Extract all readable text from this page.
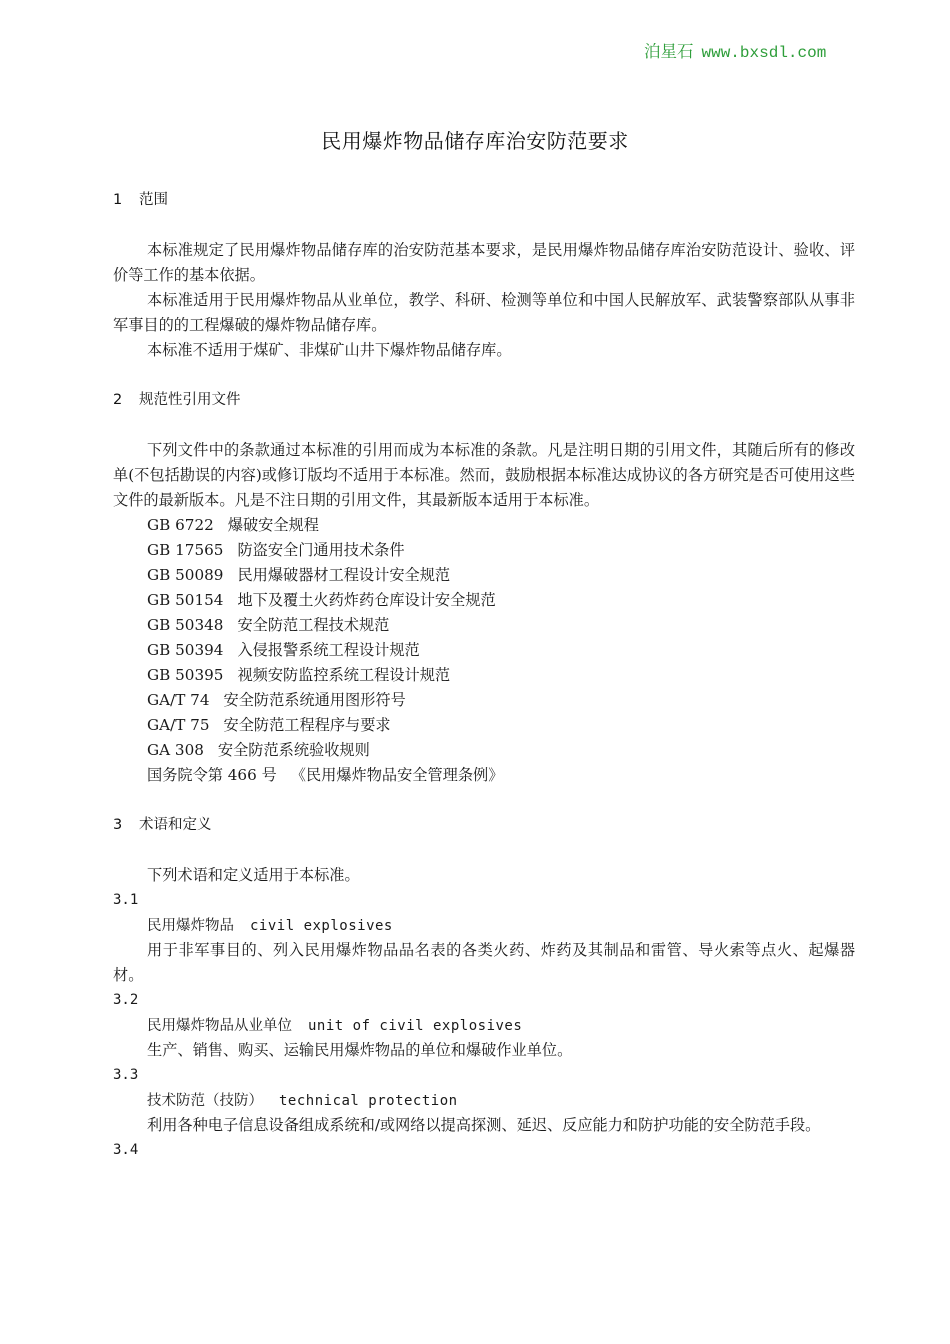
泊星石 www.bxsdl.com
民用爆炸物品储存库治安防范要求
1 范围

本标准规定了民用爆炸物品储存库的治安防范基本要求，是民用爆炸物品储存库治安防范设计、验收、评价等工作的基本依据。

本标准适用于民用爆炸物品从业单位，教学、科研、检测等单位和中国人民解放军、武装警察部队从事非军事目的的工程爆破的爆炸物品储存库。

本标准不适用于煤矿、非煤矿山井下爆炸物品储存库。

2 规范性引用文件

下列文件中的条款通过本标准的引用而成为本标准的条款。凡是注明日期的引用文件，其随后所有的修改单(不包括勘误的内容)或修订版均不适用于本标准。然而，鼓励根据本标准达成协议的各方研究是否可使用这些文件的最新版本。凡是不注日期的引用文件，其最新版本适用于本标准。

GB 6722 爆破安全规程

GB 17565 防盗安全门通用技术条件

GB 50089 民用爆破器材工程设计安全规范

GB 50154 地下及覆土火药炸药仓库设计安全规范

GB 50348 安全防范工程技术规范

GB 50394 入侵报警系统工程设计规范

GB 50395 视频安防监控系统工程设计规范

GA/T 74 安全防范系统通用图形符号

GA/T 75 安全防范工程程序与要求

GA 308 安全防范系统验收规则

国务院令第 466 号 《民用爆炸物品安全管理条例》

3 术语和定义

下列术语和定义适用于本标准。

3.1
民用爆炸物品 civil explosives

用于非军事目的、列入民用爆炸物品品名表的各类火药、炸药及其制品和雷管、导火索等点火、起爆器材。

3.2
民用爆炸物品从业单位 unit of civil explosives

生产、销售、购买、运输民用爆炸物品的单位和爆破作业单位。

3.3
技术防范（技防） technical protection

利用各种电子信息设备组成系统和/或网络以提高探测、延迟、反应能力和防护功能的安全防范手段。

3.4
